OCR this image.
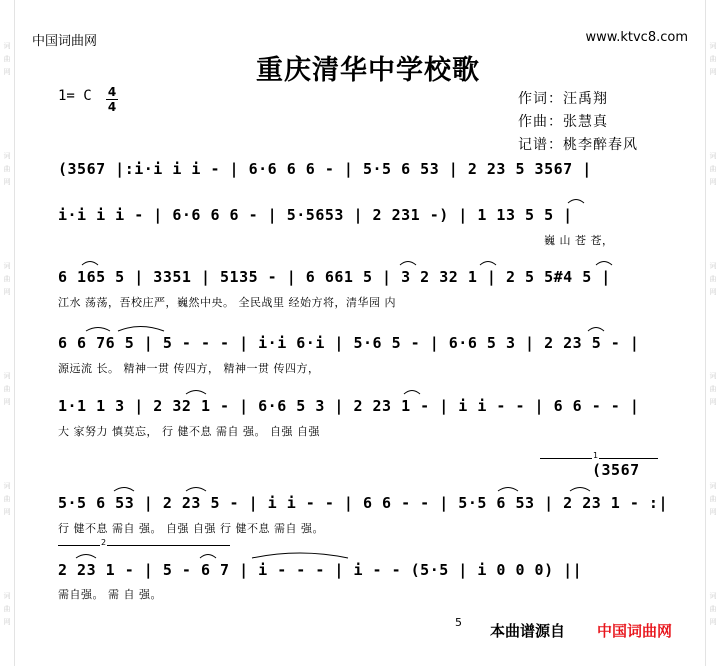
词曲网
词曲网
词曲网
词曲网
词曲网
词曲网
词曲网
词曲网
词曲网
词曲网
词曲网
词曲网
中国词曲网	www.ktvc8.com
重庆清华中学校歌
1= C 4
4	作词：汪禹翔
作曲：张慧真
记谱：桃李醉春风
(3567 |:i·i i i - | 6·6 6 6 - | 5·5 6 53 | 2 23 5 3567 |
i·i i i - | 6·6 6 6 - | 5·5653 | 2 231 -) | 1 13 5 5 |
巍 山 苍 苍，
6 165 5 | 3351 | 5135 - | 6 661 5 | 3 2 32 1 | 2 5 5#4 5 |
江水 荡荡，吾校庄严，巍然中央。 全民战里 经始方将，清华园 内
6 6 76 5 | 5 - - - | i·i 6·i | 5·6 5 - | 6·6 5 3 | 2 23 5 - |
源远流 长。 精神一贯 传四方， 精神一贯 传四方，
1·1 1 3 | 2 32 1 - | 6·6 5 3 | 2 23 1 - | i i - - | 6 6 - - |
大 家努力 慎莫忘， 行 健不息 需自 强。 自强 自强
1
(3567
5·5 6 53 | 2 23 5 - | i i - - | 6 6 - - | 5·5 6 53 | 2 23 1 - :|
行 健不息 需自 强。 自强 自强 行 健不息 需自 强。
2
2 23 1 - | 5 - 6 7 | i - - - | i - - (5·5 | i 0 0 0) ||
需自强。 需 自 强。
5 本曲谱源自 中国词曲网
